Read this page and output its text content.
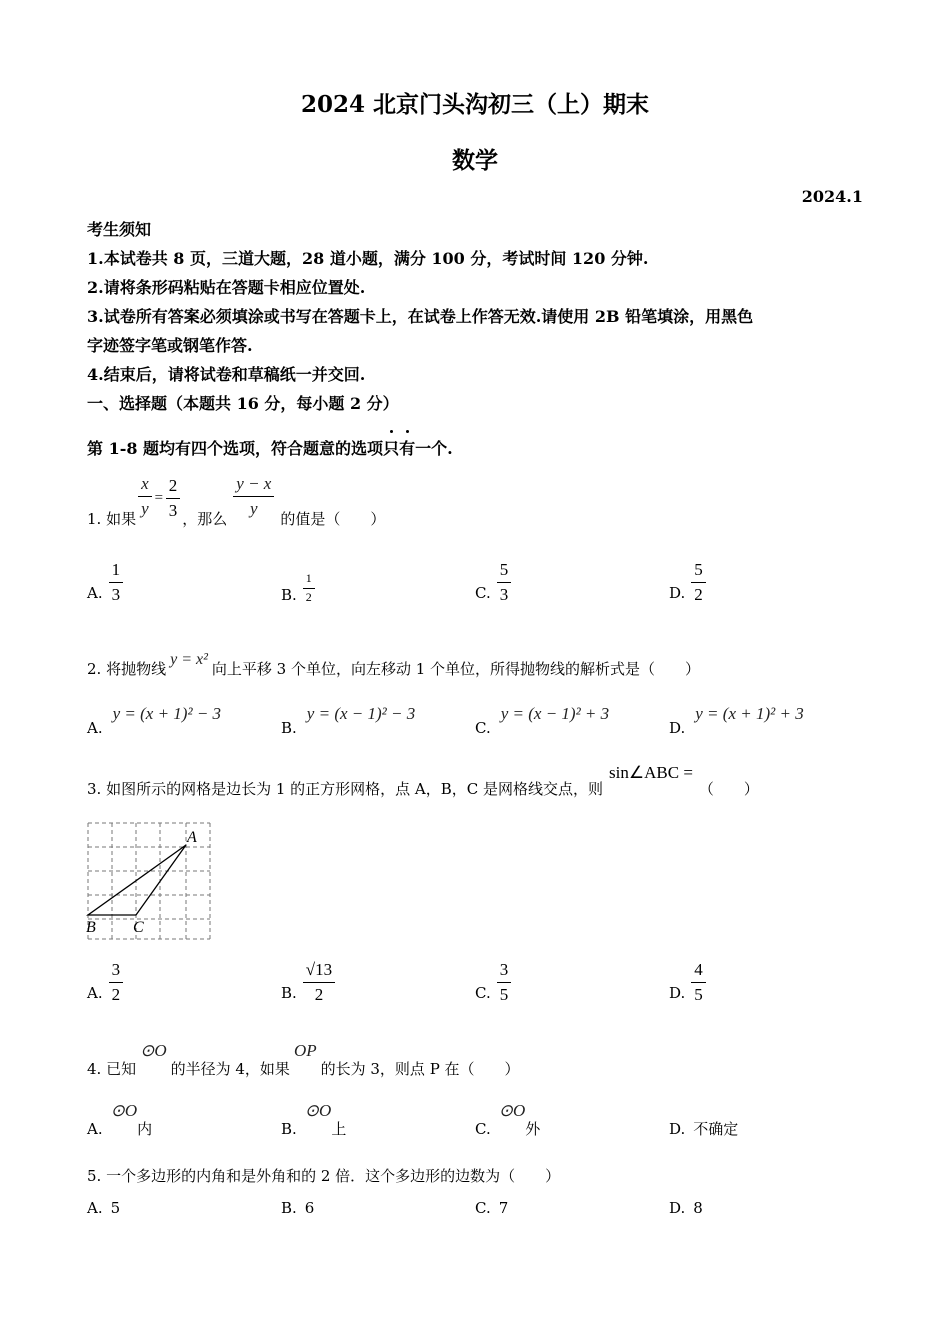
2024 北京门头沟初三（上）期末
数学
2024.1
考生须知
1.本试卷共 8 页，三道大题，28 道小题，满分 100 分，考试时间 120 分钟.
2.请将条形码粘贴在答题卡相应位置处.
3.试卷所有答案必须填涂或书写在答题卡上，在试卷上作答无效.请使用 2B 铅笔填涂，用黑色
字迹签字笔或钢笔作答.
4.结束后，请将试卷和草稿纸一并交回.
一、选择题（本题共 16 分，每小题 2 分）
第 1-8 题均有四个选项，符合题意的选项只有一个.
1. 如果
$\frac{x}{y} = \frac{2}{3}$ ，那么
$\frac{y - x}{y}$
的值是（　　）
A. $\frac{1}{3}$	B. $\frac{1}{2}$	C. $\frac{5}{3}$	D. $\frac{5}{2}$
2. 将抛物线y = x²向上平移 3 个单位，向左移动 1 个单位，所得抛物线的解析式是（　　）
A.y = (x + 1)² − 3
B.y = (x − 1)² − 3
C.y = (x − 1)² + 3
D.y = (x + 1)² + 3
3. 如图所示的网格是边长为 1 的正方形网格，点 A，B，C 是网格线交点，则sin∠ABC =（　　）
A
B C
A. $\frac{3}{2}$	B. $\frac{√13}{2}$	C. $\frac{3}{5}$	D. $\frac{4}{5}$
4. 已知⊙O的半径为 4，如果OP的长为 3，则点 P 在（　　）
A.⊙O内	B.⊙O上	C.⊙O外	D. 不确定
5. 一个多边形的内角和是外角和的 2 倍．这个多边形的边数为（　　）
A. 5	B. 6	C. 7	D. 8
